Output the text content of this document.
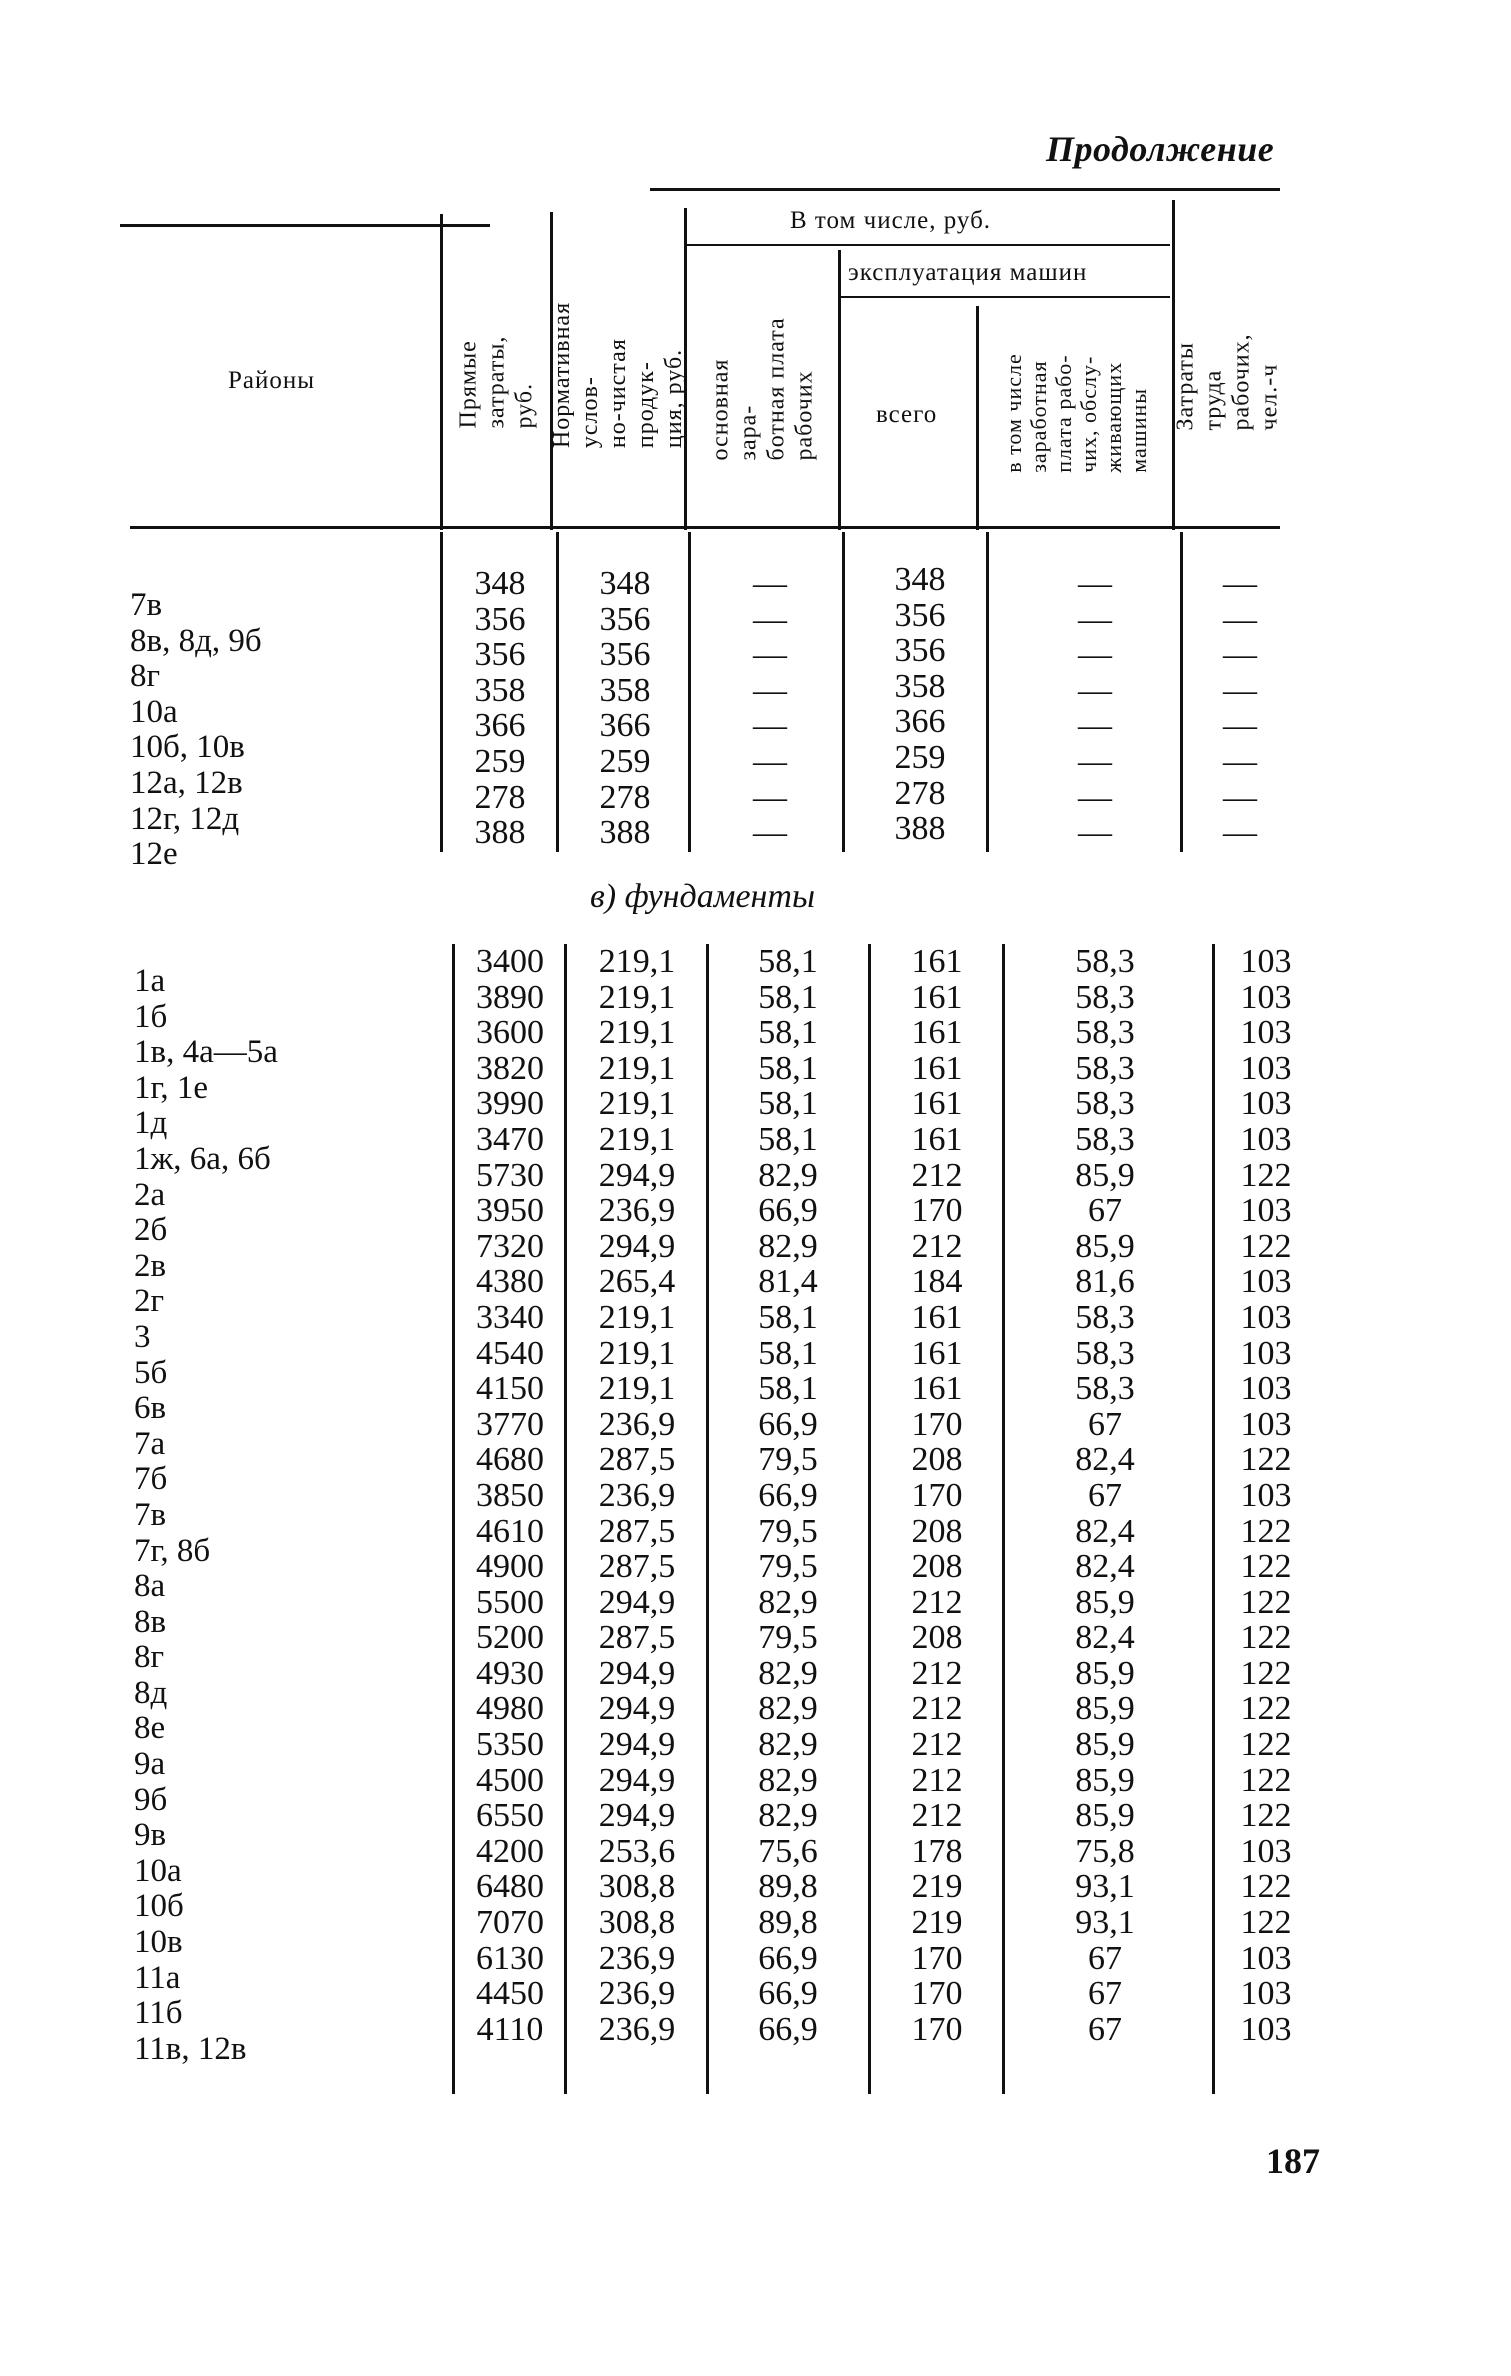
Продолжение
Районы	Прямые затраты,
руб. Нормативная услов-
но-чистая продук-
ция, руб.
В том числе, руб.
основная зара-
ботная плата
рабочих
эксплуатация машин
всего
в том числе
заработная
плата рабо-
чих, обслу-
живающих
машины Затраты труда
рабочих, чел.-ч
7в
8в, 8д, 9б
8г
10а
10б, 10в
12а, 12в
12г, 12д
12е
348
356
356
358
366
259
278
388
348
356
356
358
366
259
278
388
—
—
—
—
—
—
—
—
348
356
356
358
366
259
278
388
—
—
—
—
—
—
—
—
—
—
—
—
—
—
—
—
в) фундаменты
1а
1б
1в, 4а—5а
1г, 1е
1д
1ж, 6а, 6б
2а
2б
2в
2г
3
5б
6в
7а
7б
7в
7г, 8б
8а
8в
8г
8д
8е
9а
9б
9в
10а
10б
10в
11а
11б
11в, 12в
3400
3890
3600
3820
3990
3470
5730
3950
7320
4380
3340
4540
4150
3770
4680
3850
4610
4900
5500
5200
4930
4980
5350
4500
6550
4200
6480
7070
6130
4450
4110
219,1
219,1
219,1
219,1
219,1
219,1
294,9
236,9
294,9
265,4
219,1
219,1
219,1
236,9
287,5
236,9
287,5
287,5
294,9
287,5
294,9
294,9
294,9
294,9
294,9
253,6
308,8
308,8
236,9
236,9
236,9
58,1
58,1
58,1
58,1
58,1
58,1
82,9
66,9
82,9
81,4
58,1
58,1
58,1
66,9
79,5
66,9
79,5
79,5
82,9
79,5
82,9
82,9
82,9
82,9
82,9
75,6
89,8
89,8
66,9
66,9
66,9
161
161
161
161
161
161
212
170
212
184
161
161
161
170
208
170
208
208
212
208
212
212
212
212
212
178
219
219
170
170
170
58,3
58,3
58,3
58,3
58,3
58,3
85,9
67
85,9
81,6
58,3
58,3
58,3
67
82,4
67
82,4
82,4
85,9
82,4
85,9
85,9
85,9
85,9
85,9
75,8
93,1
93,1
67
67
67
103
103
103
103
103
103
122
103
122
103
103
103
103
103
122
103
122
122
122
122
122
122
122
122
122
103
122
122
103
103
103
187
